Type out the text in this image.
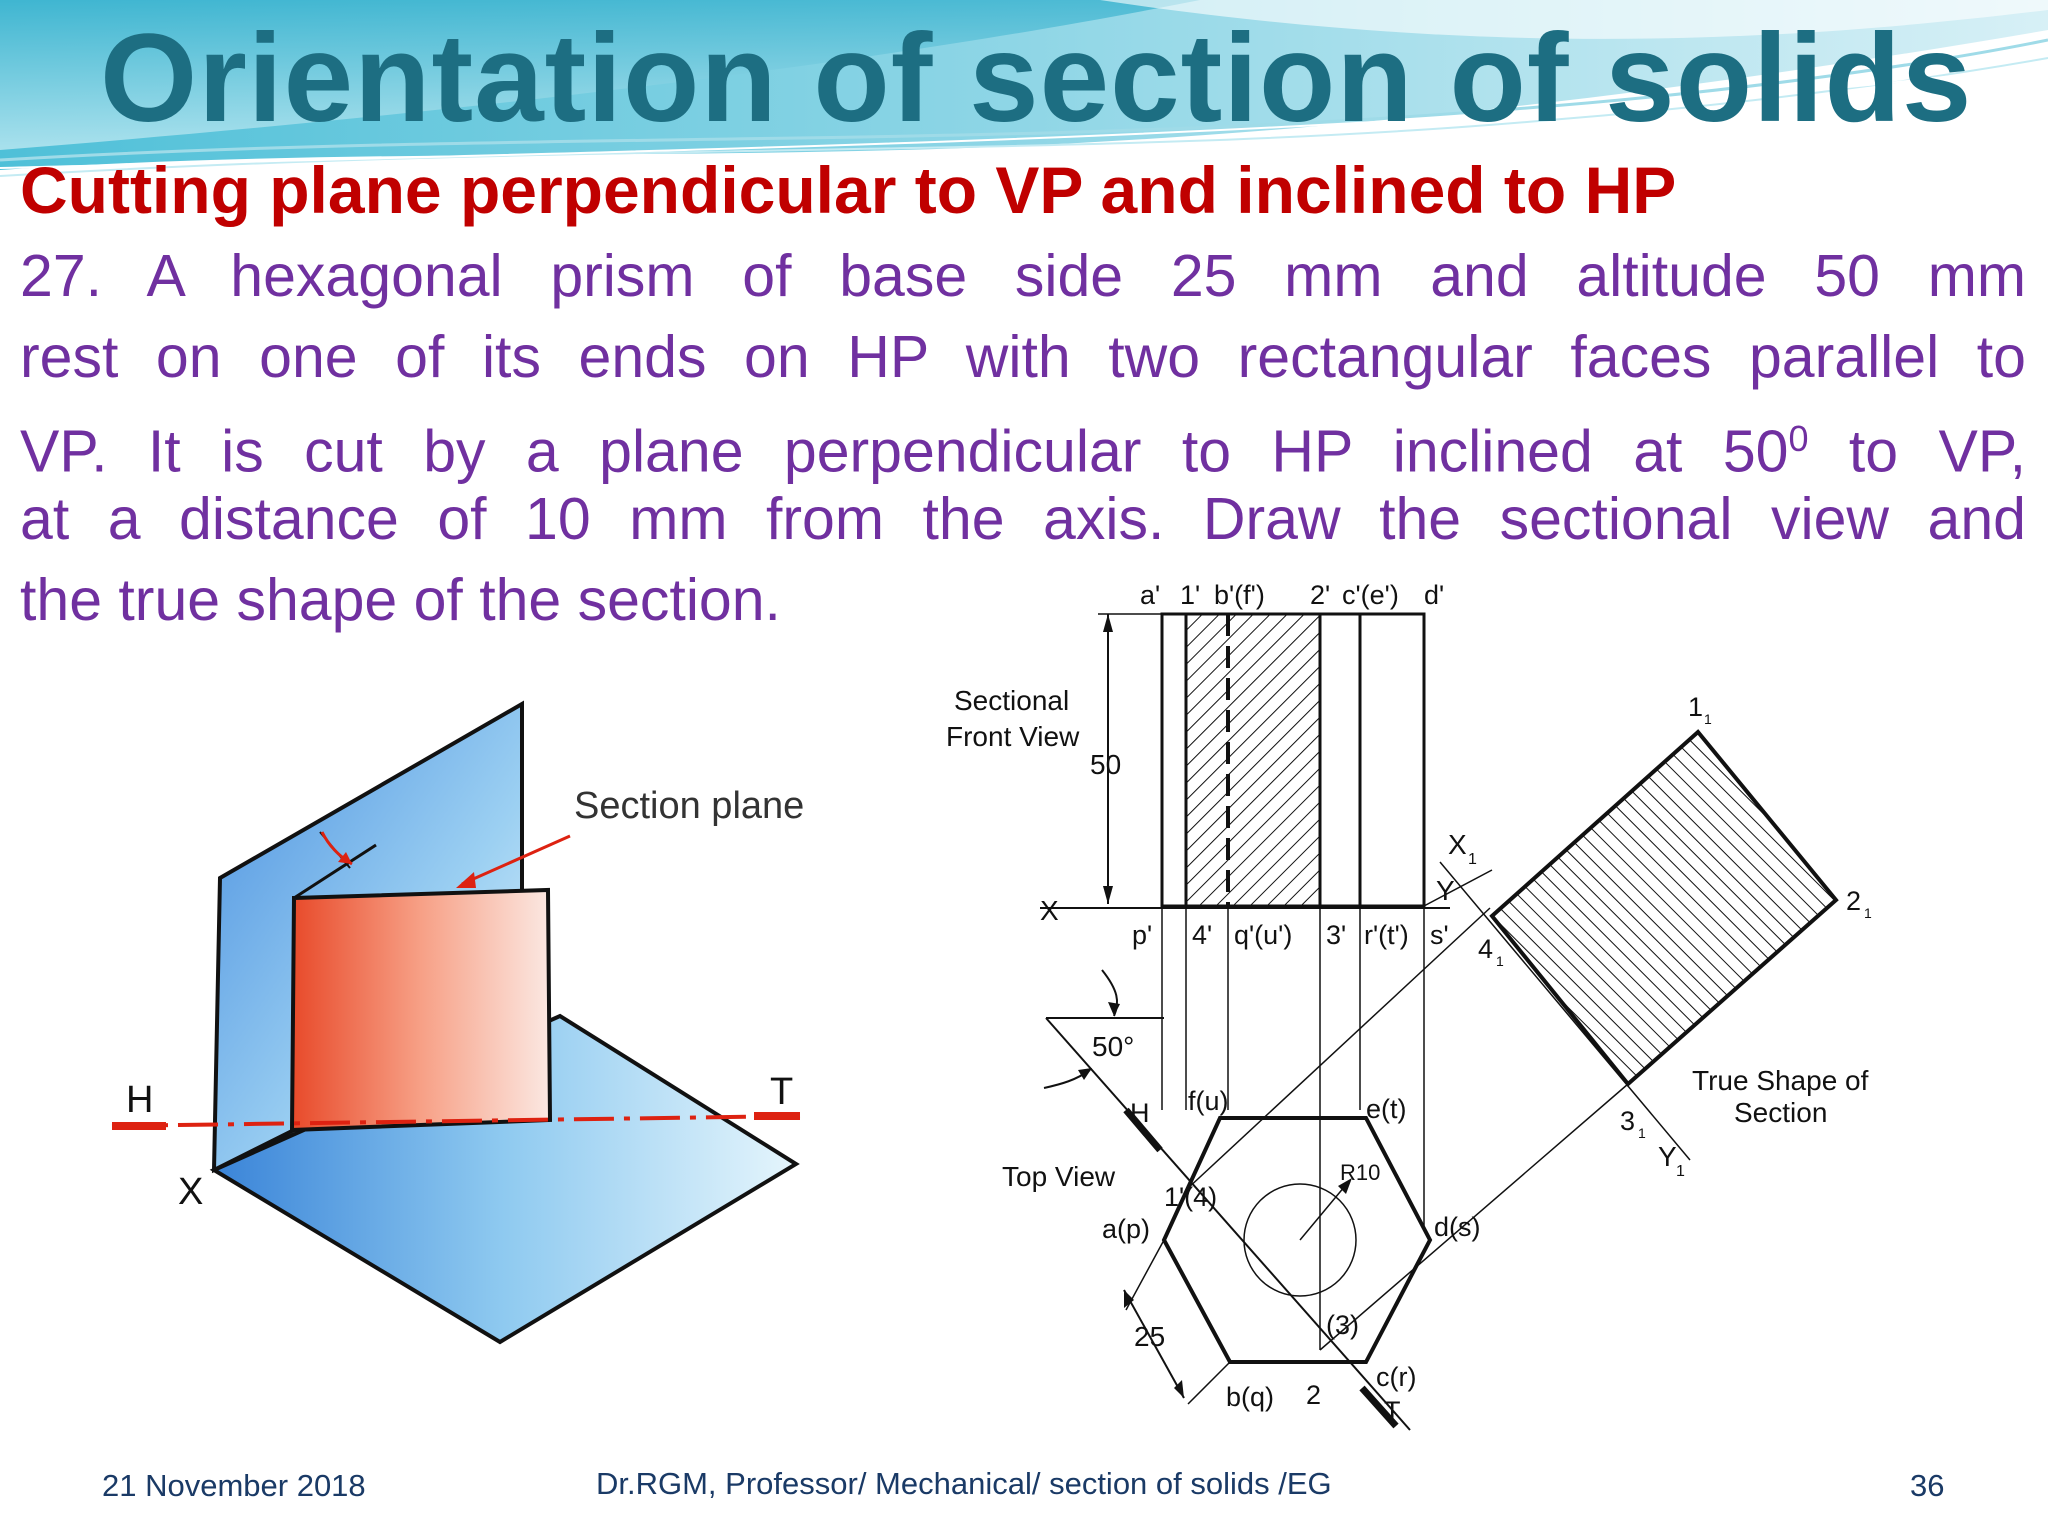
Orientation of section of solids
Cutting plane perpendicular to VP and inclined to HP
27. A hexagonal prism of base side 25 mm and altitude 50 mm
rest on one of its ends on HP with two rectangular faces parallel to
VP. It is cut by a plane perpendicular to HP inclined at $50^0$ to VP,
at a distance of 10 mm from the axis. Draw the sectional view and
the true shape of the section.
Section plane
H	T
X
Sectional
Front View
Top View
True Shape of
Section
50
25
50°
R10
X
Y
X 1
Y 1
a' 1' b'(f') 2' c'(e') d'
p' 4' q'(u') 3' r'(t') s'
f(u)	e(t)
d(s)
c(r)
b(q)
a(p)
1'(4)
(3)
2
H
T
1
2
3
4
1
1
1
1
21 November 2018	Dr.RGM, Professor/ Mechanical/ section of solids /EG	36
